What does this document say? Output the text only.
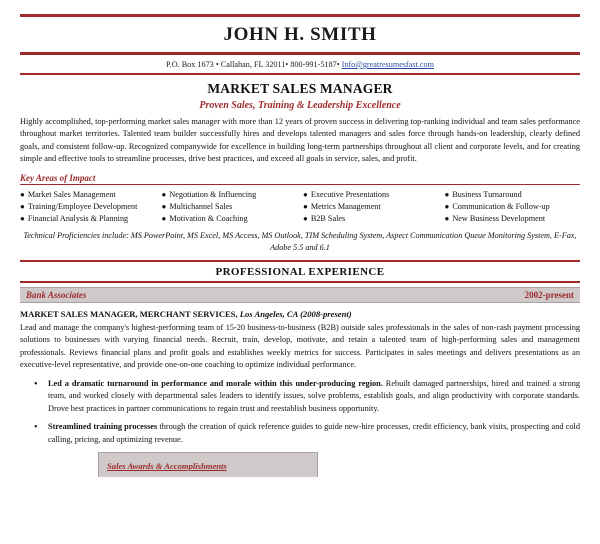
JOHN H. SMITH
P.O. Box 1673 • Callahan, FL 32011• 800-991-5187• Info@greatresumesfast.com
MARKET SALES MANAGER
Proven Sales, Training & Leadership Excellence
Highly accomplished, top-performing market sales manager with more than 12 years of proven success in delivering top-ranking individual and team sales performance throughout market territories. Talented team builder successfully hires and develops talented managers and sales force through hands-on leadership, clearly defined goals, and consistent follow-up. Recognized companywide for excellence in building long-term partnerships throughout all client and corporate levels, and for creating simple and effective tools to streamline processes, drive best practices, and exceed all goals in service, sales, and profit.
Key Areas of Impact
● Market Sales Management	● Negotiation & Influencing	● Executive Presentations	● Business Turnaround
● Training/Employee Development	● Multichannel Sales	● Metrics Management	● Communication & Follow-up
● Financial Analysis & Planning	● Motivation & Coaching	● B2B Sales	● New Business Development
Technical Proficiencies include: MS PowerPoint, MS Excel, MS Access, MS Outlook, TIM Scheduling System, Aspect Communication Queue Monitoring System, E-Fax, Adobe 5.5 and 6.1
PROFESSIONAL EXPERIENCE
Bank Associates	2002-present
MARKET SALES MANAGER, MERCHANT SERVICES, Los Angeles, CA (2008-present)
Lead and manage the company's highest-performing team of 15-20 business-to-business (B2B) outside sales professionals in the sales of non-cash payment processing solutions to businesses with varying financial needs. Recruit, train, develop, motivate, and retain a talented team of high-performing sales and management professionals. Reviews financial plans and profit goals and establishes weekly metrics for success. Participates in sales meetings and delivers presentations as an executive-level representative, and provide one-on-one coaching to optimize individual performance.
• Led a dramatic turnaround in performance and morale within this under-producing region. Rebuilt damaged partnerships, hired and trained a strong team, and worked closely with departmental sales leaders to identify issues, solve problems, establish goals, and align productivity with corporate standards. Drove best practices in partner communications to regain trust and reestablish business opportunity.
• Streamlined training processes through the creation of quick reference guides to guide new-hire processes, credit efficiency, bank visits, prospecting and cold calling, pricing, and optimizing revenue.
Sales Awards & Accomplishments
